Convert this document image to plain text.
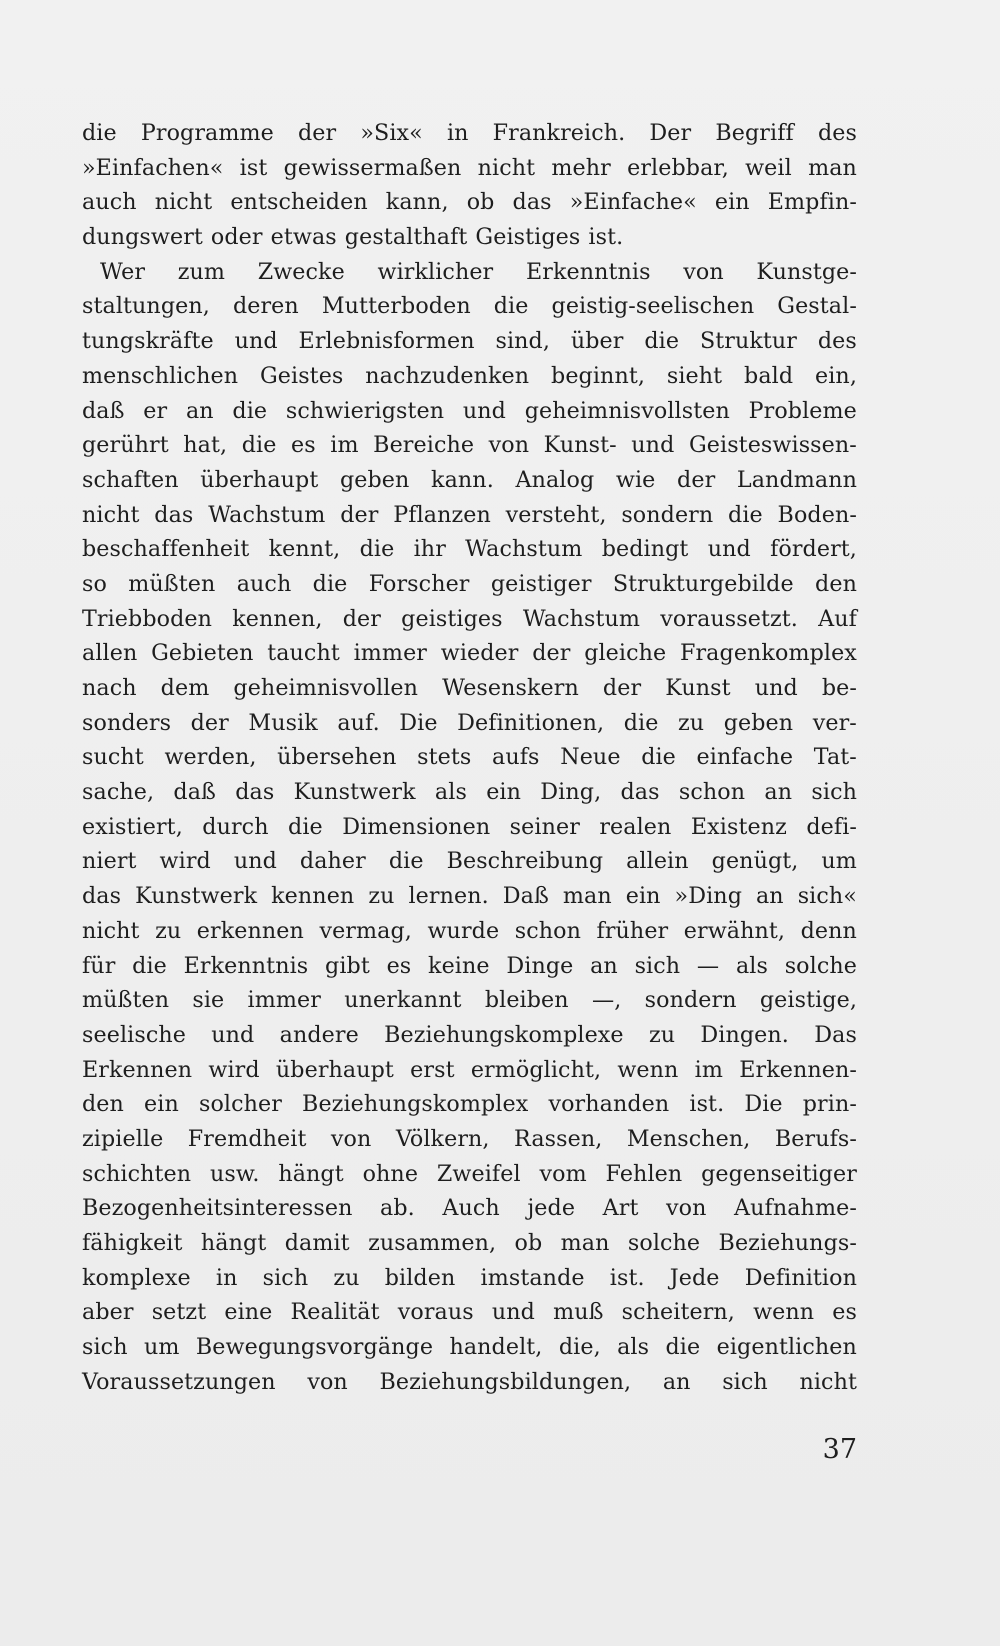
die Programme der »Six« in Frankreich. Der Begriff des
»Einfachen« ist gewissermaßen nicht mehr erlebbar, weil man
auch nicht entscheiden kann, ob das »Einfache« ein Empfin-
dungswert oder etwas gestalthaft Geistiges ist.
Wer zum Zwecke wirklicher Erkenntnis von Kunstge-
staltungen, deren Mutterboden die geistig-seelischen Gestal-
tungskräfte und Erlebnisformen sind, über die Struktur des
menschlichen Geistes nachzudenken beginnt, sieht bald ein,
daß er an die schwierigsten und geheimnisvollsten Probleme
gerührt hat, die es im Bereiche von Kunst- und Geisteswissen-
schaften überhaupt geben kann. Analog wie der Landmann
nicht das Wachstum der Pflanzen versteht, sondern die Boden-
beschaffenheit kennt, die ihr Wachstum bedingt und fördert,
so müßten auch die Forscher geistiger Strukturgebilde den
Triebboden kennen, der geistiges Wachstum voraussetzt. Auf
allen Gebieten taucht immer wieder der gleiche Fragenkomplex
nach dem geheimnisvollen Wesenskern der Kunst und be-
sonders der Musik auf. Die Definitionen, die zu geben ver-
sucht werden, übersehen stets aufs Neue die einfache Tat-
sache, daß das Kunstwerk als ein Ding, das schon an sich
existiert, durch die Dimensionen seiner realen Existenz defi-
niert wird und daher die Beschreibung allein genügt, um
das Kunstwerk kennen zu lernen. Daß man ein »Ding an sich«
nicht zu erkennen vermag, wurde schon früher erwähnt, denn
für die Erkenntnis gibt es keine Dinge an sich — als solche
müßten sie immer unerkannt bleiben —, sondern geistige,
seelische und andere Beziehungskomplexe zu Dingen. Das
Erkennen wird überhaupt erst ermöglicht, wenn im Erkennen-
den ein solcher Beziehungskomplex vorhanden ist. Die prin-
zipielle Fremdheit von Völkern, Rassen, Menschen, Berufs-
schichten usw. hängt ohne Zweifel vom Fehlen gegenseitiger
Bezogenheitsinteressen ab. Auch jede Art von Aufnahme-
fähigkeit hängt damit zusammen, ob man solche Beziehungs-
komplexe in sich zu bilden imstande ist. Jede Definition
aber setzt eine Realität voraus und muß scheitern, wenn es
sich um Bewegungsvorgänge handelt, die, als die eigentlichen
Voraussetzungen von Beziehungsbildungen, an sich nicht
37
